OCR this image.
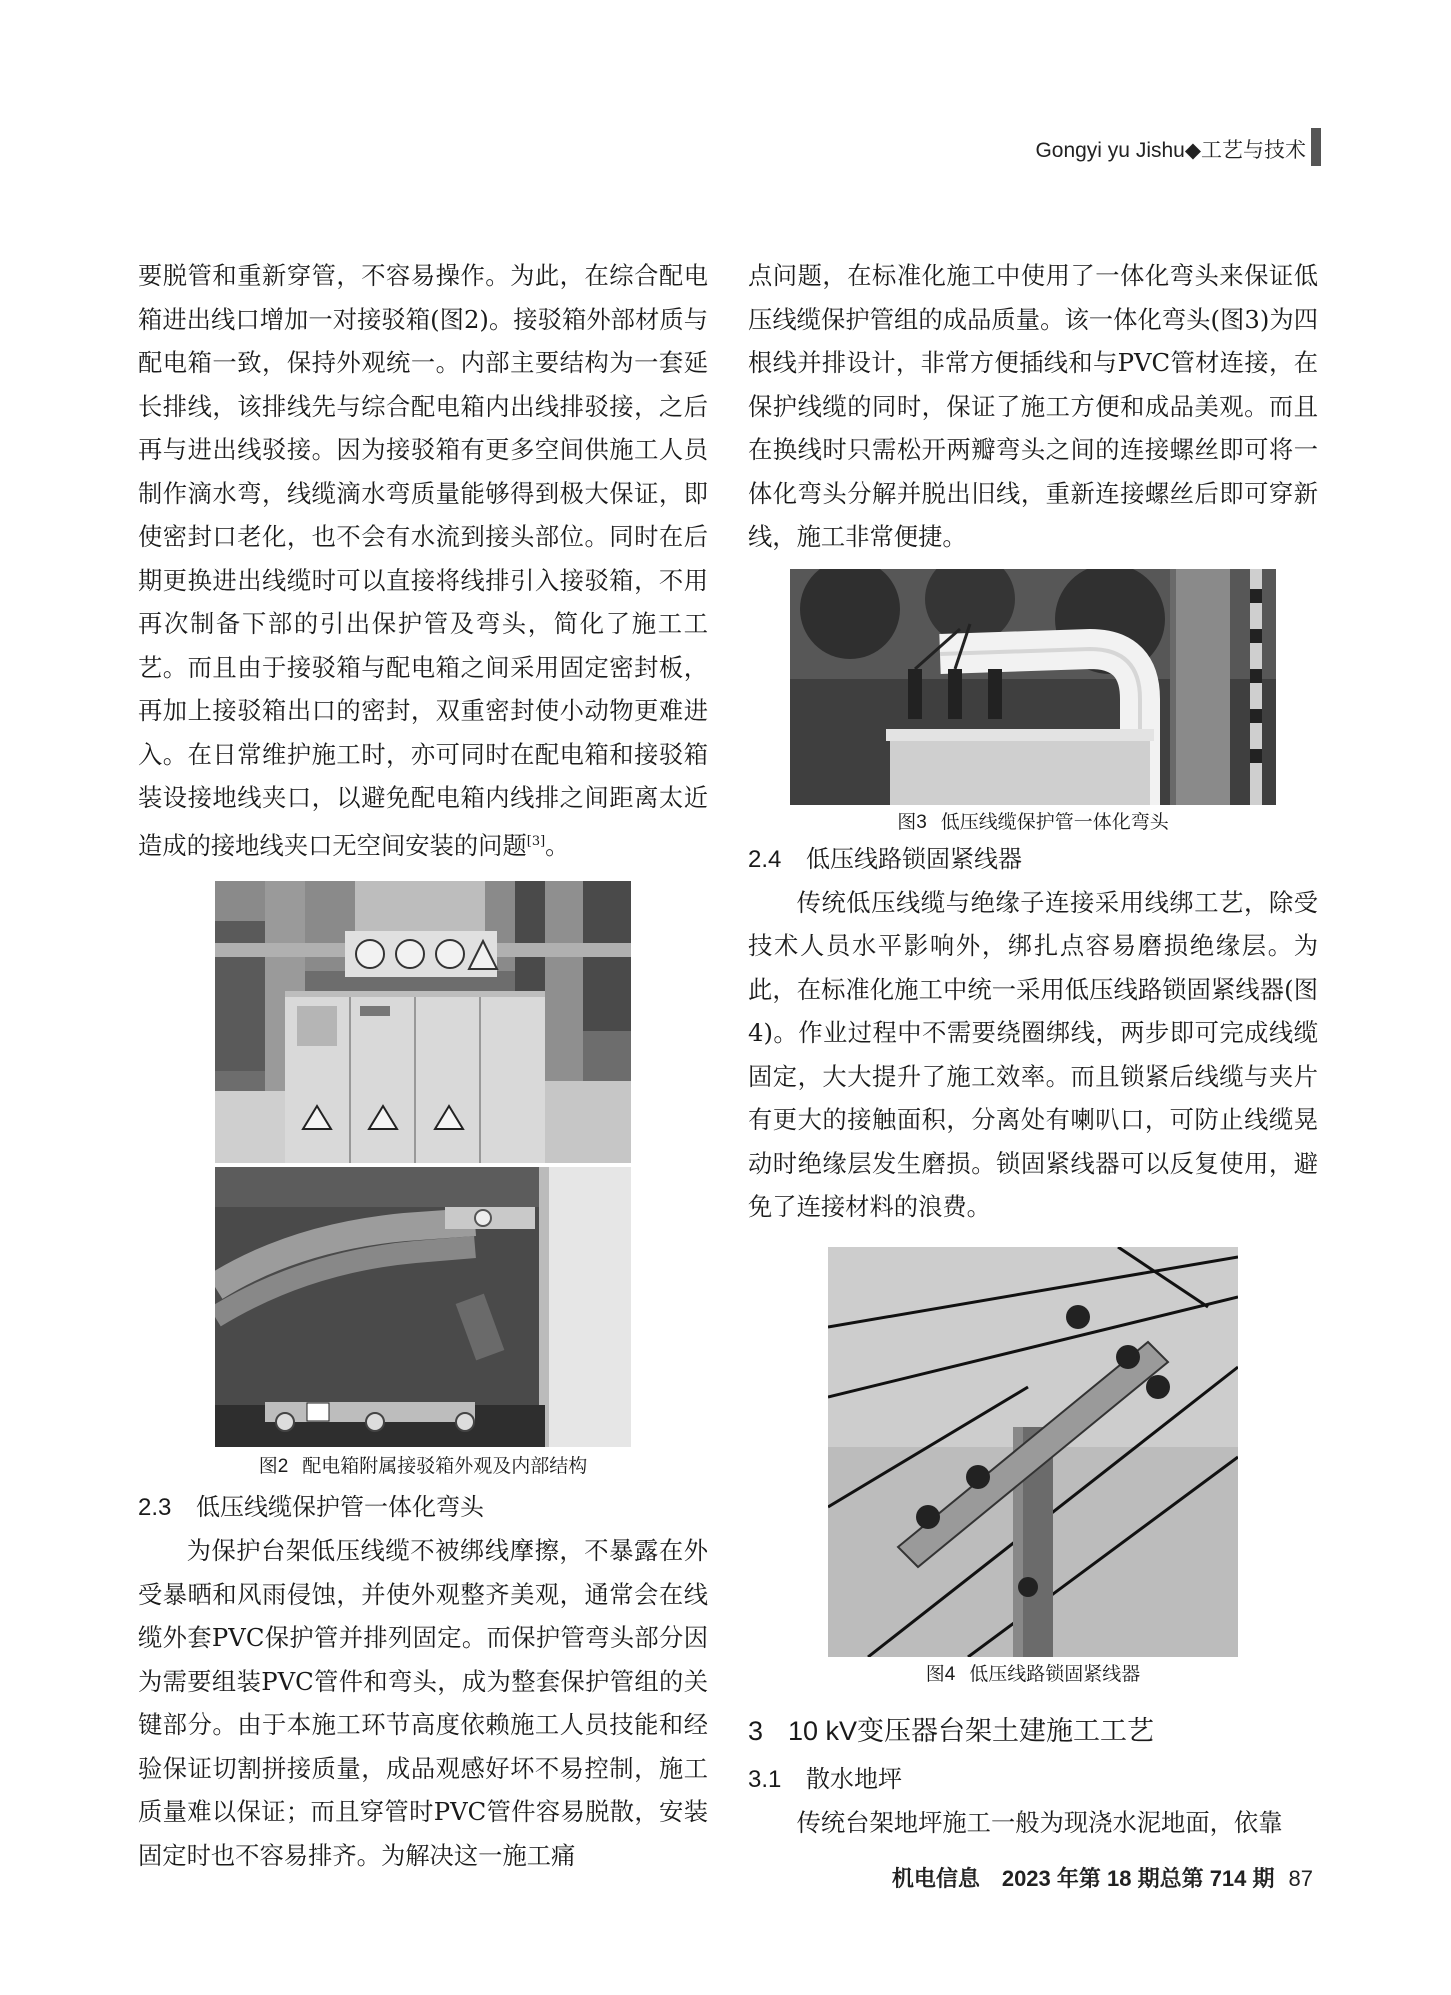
Gongyi yu Jishu◆工艺与技术

要脱管和重新穿管，不容易操作。为此，在综合配电箱进出线口增加一对接驳箱(图2)。接驳箱外部材质与配电箱一致，保持外观统一。内部主要结构为一套延长排线，该排线先与综合配电箱内出线排驳接，之后再与进出线驳接。因为接驳箱有更多空间供施工人员制作滴水弯，线缆滴水弯质量能够得到极大保证，即使密封口老化，也不会有水流到接头部位。同时在后期更换进出线缆时可以直接将线排引入接驳箱，不用再次制备下部的引出保护管及弯头，简化了施工工艺。而且由于接驳箱与配电箱之间采用固定密封板，再加上接驳箱出口的密封，双重密封使小动物更难进入。在日常维护施工时，亦可同时在配电箱和接驳箱装设接地线夹口，以避免配电箱内线排之间距离太近造成的接地线夹口无空间安装的问题[3]。

图2 配电箱附属接驳箱外观及内部结构

2.3 低压线缆保护管一体化弯头

为保护台架低压线缆不被绑线摩擦，不暴露在外受暴晒和风雨侵蚀，并使外观整齐美观，通常会在线缆外套PVC保护管并排列固定。而保护管弯头部分因为需要组装PVC管件和弯头，成为整套保护管组的关键部分。由于本施工环节高度依赖施工人员技能和经验保证切割拼接质量，成品观感好坏不易控制，施工质量难以保证；而且穿管时PVC管件容易脱散，安装固定时也不容易排齐。为解决这一施工痛

点问题，在标准化施工中使用了一体化弯头来保证低压线缆保护管组的成品质量。该一体化弯头(图3)为四根线并排设计，非常方便插线和与PVC管材连接，在保护线缆的同时，保证了施工方便和成品美观。而且在换线时只需松开两瓣弯头之间的连接螺丝即可将一体化弯头分解并脱出旧线，重新连接螺丝后即可穿新线，施工非常便捷。

图3 低压线缆保护管一体化弯头

2.4 低压线路锁固紧线器

传统低压线缆与绝缘子连接采用线绑工艺，除受技术人员水平影响外，绑扎点容易磨损绝缘层。为此，在标准化施工中统一采用低压线路锁固紧线器(图4)。作业过程中不需要绕圈绑线，两步即可完成线缆固定，大大提升了施工效率。而且锁紧后线缆与夹片有更大的接触面积，分离处有喇叭口，可防止线缆晃动时绝缘层发生磨损。锁固紧线器可以反复使用，避免了连接材料的浪费。

图4 低压线路锁固紧线器

3 10 kV变压器台架土建施工工艺

3.1 散水地坪

传统台架地坪施工一般为现浇水泥地面，依靠

机电信息　2023 年第 18 期总第 714 期 87
